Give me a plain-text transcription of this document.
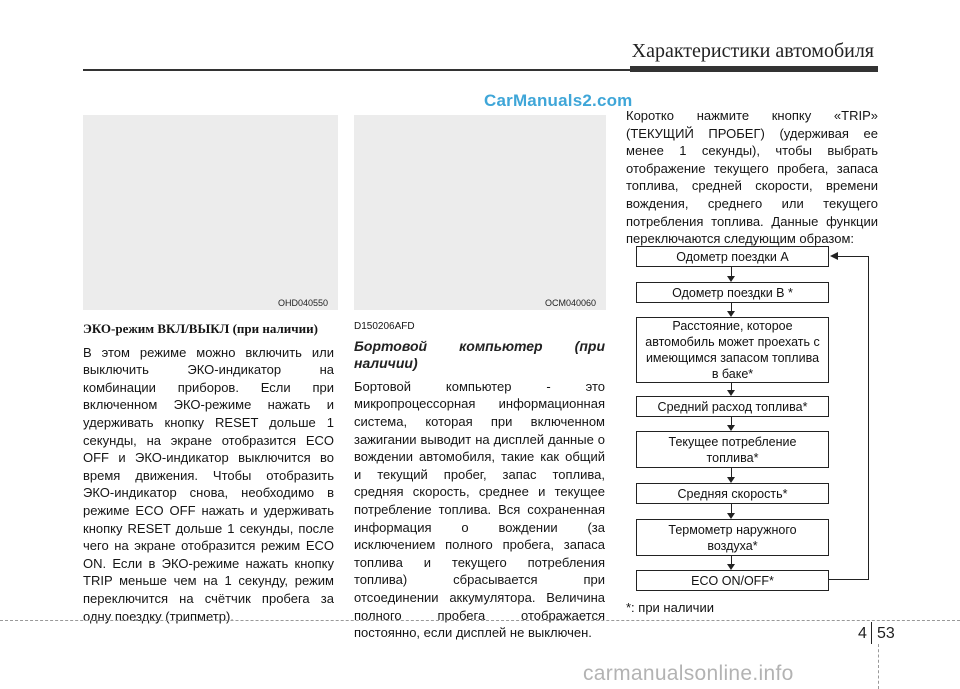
Характеристики автомобиля
OHD040550	OCM040060
CarManuals2.com

ЭКО-режим ВКЛ/ВЫКЛ (при наличии)

В этом режиме можно включить или выключить ЭКО-индикатор на комбинации приборов. Если при включенном ЭКО-режиме нажать и удерживать кнопку RESET дольше 1 секунды, на экране отобразится ECO OFF и ЭКО-индикатор выключится во время движения. Чтобы отобразить ЭКО-индикатор снова, необходимо в режиме ECO OFF нажать и удерживать кнопку RESET дольше 1 секунды, после чего на экране отобразится режим ECO ON. Если в ЭКО-режиме нажать кнопку TRIP меньше чем на 1 секунду, режим переключится на счётчик пробега за одну поездку (трипметр).

D150206AFD

Бортовой компьютер (при наличии)

Бортовой компьютер - это микропроцессорная информационная система, которая при включенном зажигании выводит на дисплей данные о вождении автомобиля, такие как общий и текущий пробег, запас топлива, средняя скорость, среднее и текущее потребление топлива. Вся сохраненная информация о вождении (за исключением полного пробега, запаса топлива и текущего потребления топлива) сбрасывается при отсоединении аккумулятора. Величина полного пробега отображается постоянно, если дисплей не выключен.

Коротко нажмите кнопку «TRIP» (ТЕКУЩИЙ ПРОБЕГ) (удерживая ее менее 1 секунды), чтобы выбрать отображение текущего пробега, запаса топлива, средней скорости, времени вождения, среднего или текущего потребления топлива. Данные функции переключаются следующим образом:

Одометр поездки А
Одометр поездки В *
Расстояние, которое автомобиль может проехать с имеющимся запасом топлива в баке*
Средний расход топлива*
Текущее потребление топлива*
Средняя скорость*
Термометр наружного воздуха*
ECO ON/OFF*
*: при наличии
4 53
carmanualsonline.info
